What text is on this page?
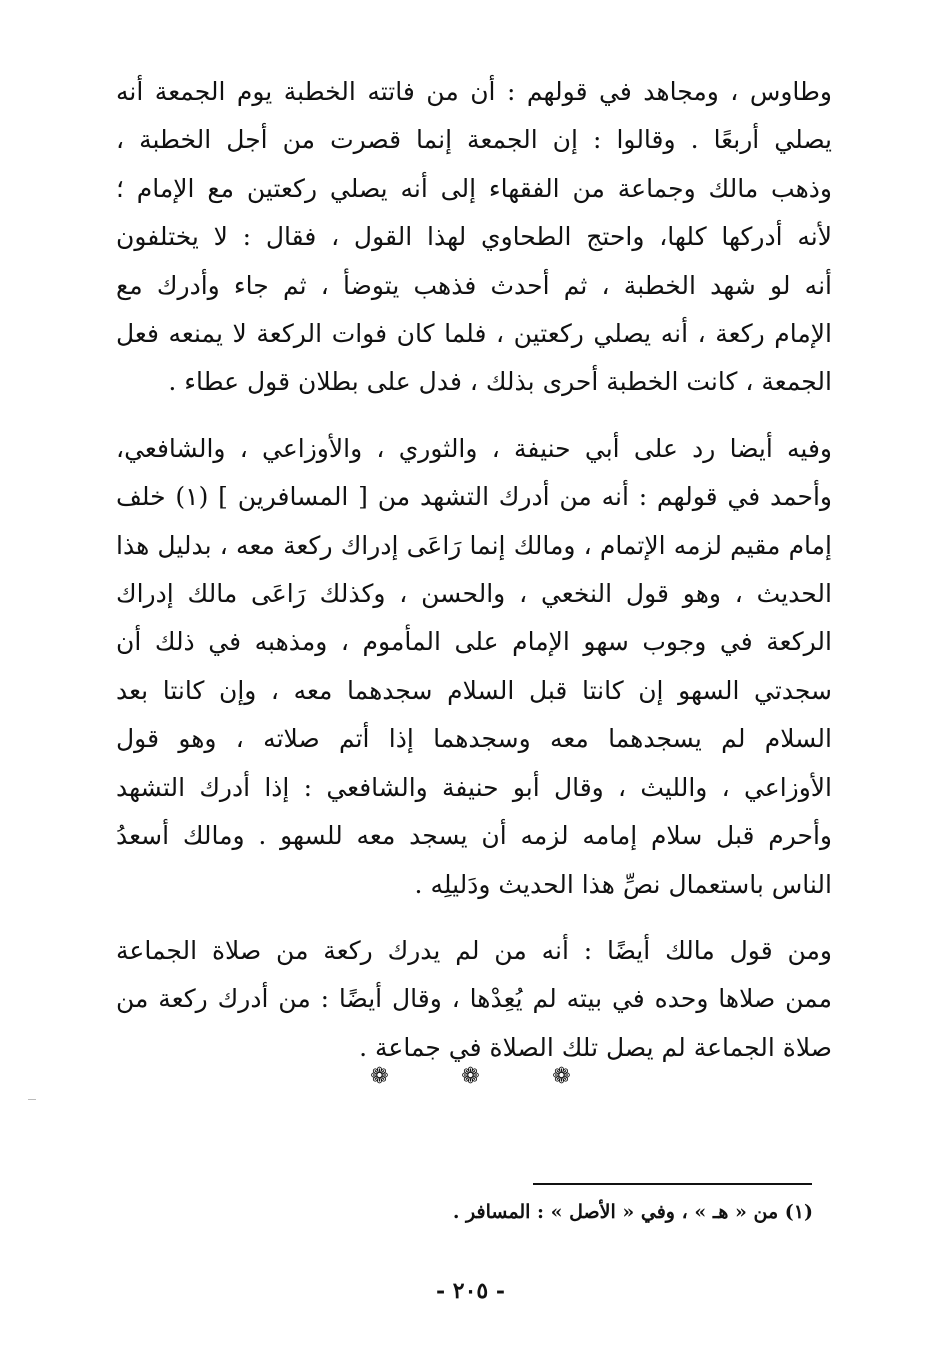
وطاوس ، ومجاهد في قولهم : أن من فاتته الخطبة يوم الجمعة أنه
يصلي أربعًا . وقالوا : إن الجمعة إنما قصرت من أجل الخطبة ،
وذهب مالك وجماعة من الفقهاء إلى أنه يصلي ركعتين مع الإمام ؛
لأنه أدركها كلها، واحتج الطحاوي لهذا القول ، فقال : لا يختلفون
أنه لو شهد الخطبة ، ثم أحدث فذهب يتوضأ ، ثم جاء وأدرك مع
الإمام ركعة ، أنه يصلي ركعتين ، فلما كان فوات الركعة لا يمنعه فعل
الجمعة ، كانت الخطبة أحرى بذلك ، فدل على بطلان قول عطاء .

وفيه أيضا رد على أبي حنيفة ، والثوري ، والأوزاعي ، والشافعي،
وأحمد في قولهم : أنه من أدرك التشهد من [ المسافرين ] (١) خلف
إمام مقيم لزمه الإتمام ، ومالك إنما رَاعَى إدراك ركعة معه ، بدليل هذا
الحديث ، وهو قول النخعي ، والحسن ، وكذلك رَاعَى مالك إدراك
الركعة في وجوب سهو الإمام على المأموم ، ومذهبه في ذلك أن
سجدتي السهو إن كانتا قبل السلام سجدهما معه ، وإن كانتا بعد
السلام لم يسجدهما معه وسجدهما إذا أتم صلاته ، وهو قول
الأوزاعي ، والليث ، وقال أبو حنيفة والشافعي : إذا أدرك التشهد
وأحرم قبل سلام إمامه لزمه أن يسجد معه للسهو . ومالك أسعدُ
الناس باستعمال نصِّ هذا الحديث ودَليلِه .

ومن قول مالك أيضًا : أنه من لم يدرك ركعة من صلاة الجماعة
ممن صلاها وحده في بيته لم يُعِدْها ، وقال أيضًا : من أدرك ركعة من
صلاة الجماعة لم يصل تلك الصلاة في جماعة .

❁	❁	❁
(١) من « هـ » ، وفي « الأصل » : المسافر .
- ٢٠٥ -
